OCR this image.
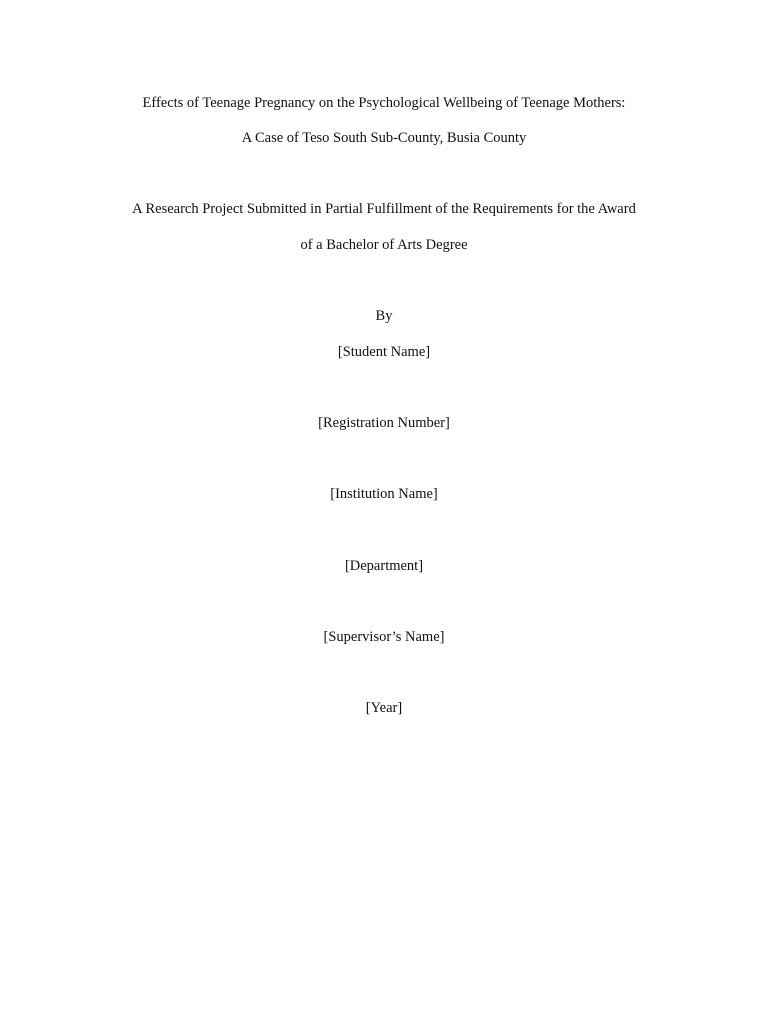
Effects of Teenage Pregnancy on the Psychological Wellbeing of Teenage Mothers:
A Case of Teso South Sub-County, Busia County
A Research Project Submitted in Partial Fulfillment of the Requirements for the Award
of a Bachelor of Arts Degree
By
[Student Name]
[Registration Number]
[Institution Name]
[Department]
[Supervisor’s Name]
[Year]
